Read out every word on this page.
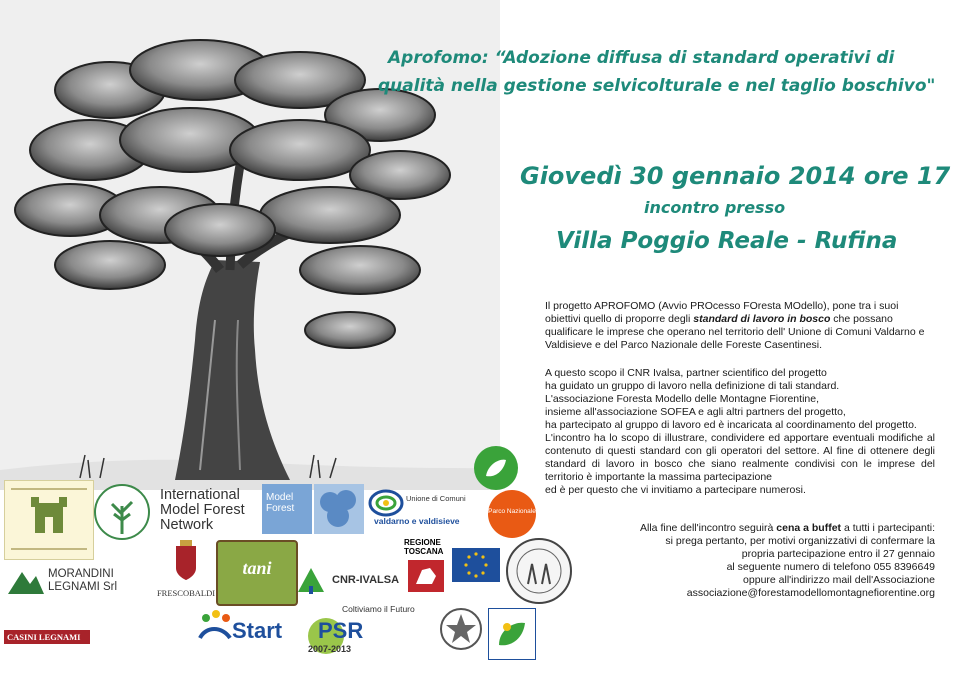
Aprofomo: “Adozione diffusa di standard operativi di
qualità nella gestione selvicolturale e nel taglio boschivo"
Giovedì 30 gennaio 2014 ore 17
incontro presso
Villa Poggio Reale - Rufina
Il progetto APROFOMO (Avvio PROcesso FOresta MOdello), pone tra i suoi obiettivi quello di proporre degli standard di lavoro in bosco che possano qualificare le imprese che operano nel territorio dell' Unione di Comuni Valdarno e Valdisieve e del Parco Nazionale delle Foreste Casentinesi.

A questo scopo il CNR Ivalsa, partner scientifico del progetto

ha guidato un gruppo di lavoro nella definizione di tali standard.

L'associazione Foresta Modello delle Montagne Fiorentine,

insieme all'associazione SOFEA e agli altri partners del progetto,

ha partecipato al gruppo di lavoro ed è incaricata al coordinamento del progetto.

L'incontro ha lo scopo di illustrare, condividere ed apportare eventuali modifiche al contenuto di questi standard con gli operatori del settore. Al fine di ottenere degli standard di lavoro in bosco che siano realmente condivisi con le imprese del territorio è importante la massima partecipazione

ed è per questo che vi invitiamo a partecipare numerosi.

Alla fine dell'incontro seguirà cena a buffet a tutti i partecipanti:

si prega pertanto, per motivi organizzativi di confermare la

propria partecipazione entro il 27 gennaio

al seguente numero di telefono 055 8396649

oppure all'indirizzo mail dell'Associazione

associazione@forestamodellomontagnefiorentine.org

International
Model Forest
Network
Model Forest
Unione di Comuni
valdarno e valdisieve
Parco Nazionale
MORANDINI
LEGNAMI Srl	FRESCOBALDI
tani
CNR-IVALSA
REGIONE
TOSCANA
CASINI LEGNAMI	Start
Coltiviamo il Futuro
PSR
2007-2013
